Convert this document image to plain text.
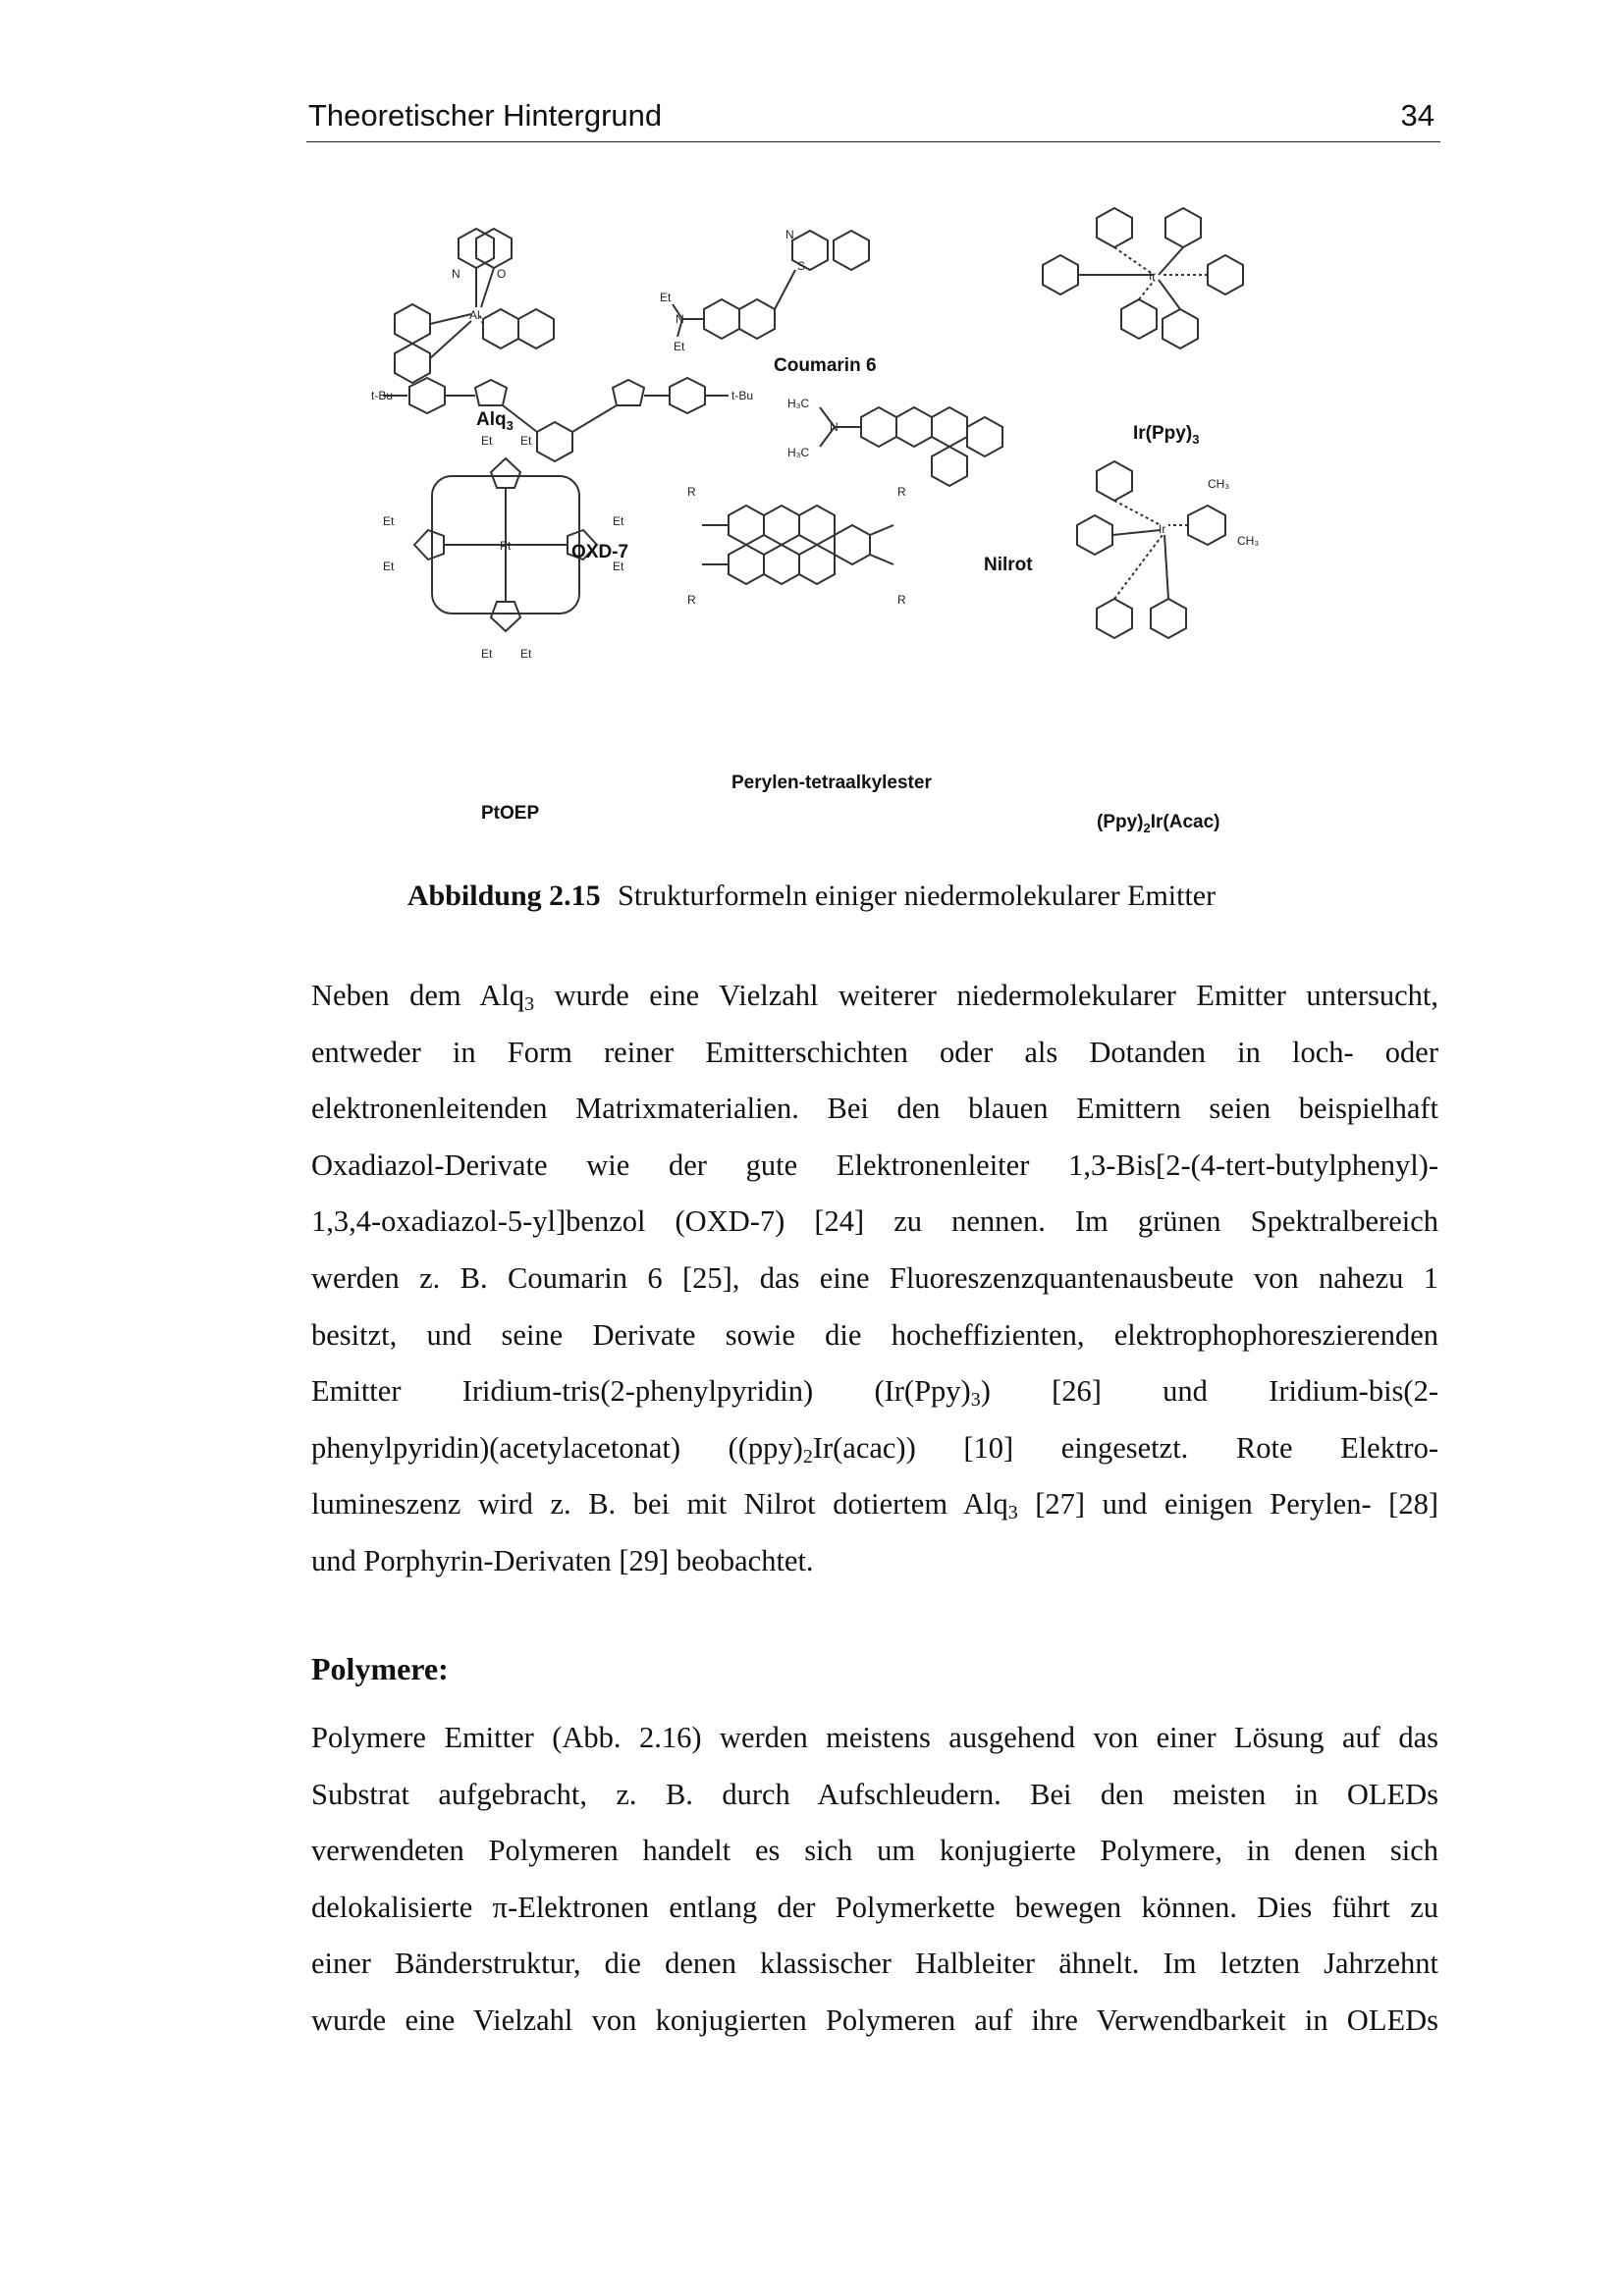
Theoretischer Hintergrund	34
Al
N	O
Et
Et
N
S
N
Ir
t-Bu	t-Bu
H₃C
H₃C
N
Pt
Et Et
Et Et
Et
Et
Et
Et
R
R
R
R
Ir
CH₃
CH₃
Alq$_3$
Coumarin 6
$Ir(Ppy)_3$
OXD-7
Nilrot
PtOEP
Perylen-tetraalkylester
$(Ppy)_2Ir(Acac)$
Abbildung 2.15 Strukturformeln einiger niedermolekularer Emitter
Neben dem Alq$_3$ wurde eine Vielzahl weiterer niedermolekularer Emitter untersucht,
entweder in Form reiner Emitterschichten oder als Dotanden in loch- oder
elektronenleitenden Matrixmaterialien. Bei den blauen Emittern seien beispielhaft
Oxadiazol-Derivate wie der gute Elektronenleiter 1,3-Bis[2-(4-tert-butylphenyl)-
1,3,4-oxadiazol-5-yl]benzol (OXD-7) [24] zu nennen. Im grünen Spektralbereich
werden z. B. Coumarin 6 [25], das eine Fluoreszenzquantenausbeute von nahezu 1
besitzt, und seine Derivate sowie die hocheffizienten, elektrophophoreszierenden
Emitter Iridium-tris(2-phenylpyridin) $(Ir(Ppy)_3)$ [26] und Iridium-bis(2-
phenylpyridin)(acetylacetonat) $((ppy)_2Ir(acac))$ [10] eingesetzt. Rote Elektro-
lumineszenz wird z. B. bei mit Nilrot dotiertem Alq$_3$ [27] und einigen Perylen- [28]
und Porphyrin-Derivaten [29] beobachtet.
Polymere:
Polymere Emitter (Abb. 2.16) werden meistens ausgehend von einer Lösung auf das
Substrat aufgebracht, z. B. durch Aufschleudern. Bei den meisten in OLEDs
verwendeten Polymeren handelt es sich um konjugierte Polymere, in denen sich
delokalisierte π-Elektronen entlang der Polymerkette bewegen können. Dies führt zu
einer Bänderstruktur, die denen klassischer Halbleiter ähnelt. Im letzten Jahrzehnt
wurde eine Vielzahl von konjugierten Polymeren auf ihre Verwendbarkeit in OLEDs
